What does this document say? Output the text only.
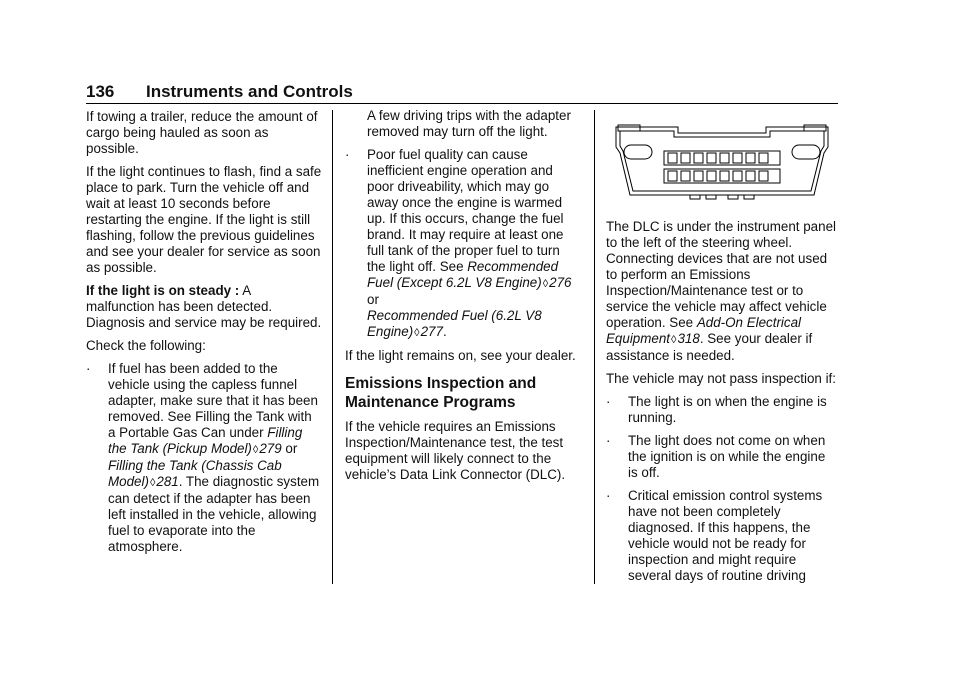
136 Instruments and Controls

If towing a trailer, reduce the amount of cargo being hauled as soon as possible.

If the light continues to flash, find a safe place to park. Turn the vehicle off and wait at least 10 seconds before restarting the engine. If the light is still flashing, follow the previous guidelines and see your dealer for service as soon as possible.

If the light is on steady : A malfunction has been detected. Diagnosis and service may be required.

Check the following:

· If fuel has been added to the vehicle using the capless funnel adapter, make sure that it has been removed. See Filling the Tank with a Portable Gas Can under Filling the Tank (Pickup Model)◊279 or
Filling the Tank (Chassis Cab Model)◊281. The diagnostic system can detect if the adapter has been left installed in the vehicle, allowing fuel to evaporate into the atmosphere.
A few driving trips with the adapter removed may turn off the light.
· Poor fuel quality can cause inefficient engine operation and poor driveability, which may go away once the engine is warmed up. If this occurs, change the fuel brand. It may require at least one full tank of the proper fuel to turn the light off. See Recommended Fuel (Except 6.2L V8 Engine)◊276 or
Recommended Fuel (6.2L V8 Engine)◊277.

If the light remains on, see your dealer.

Emissions Inspection and Maintenance Programs

If the vehicle requires an Emissions Inspection/Maintenance test, the test equipment will likely connect to the vehicle’s Data Link Connector (DLC).

The DLC is under the instrument panel to the left of the steering wheel. Connecting devices that are not used to perform an Emissions Inspection/Maintenance test or to service the vehicle may affect vehicle operation. See Add-On Electrical Equipment◊318. See your dealer if assistance is needed.

The vehicle may not pass inspection if:

· The light is on when the engine is running.
· The light does not come on when the ignition is on while the engine is off.
· Critical emission control systems have not been completely diagnosed. If this happens, the vehicle would not be ready for inspection and might require several days of routine driving
